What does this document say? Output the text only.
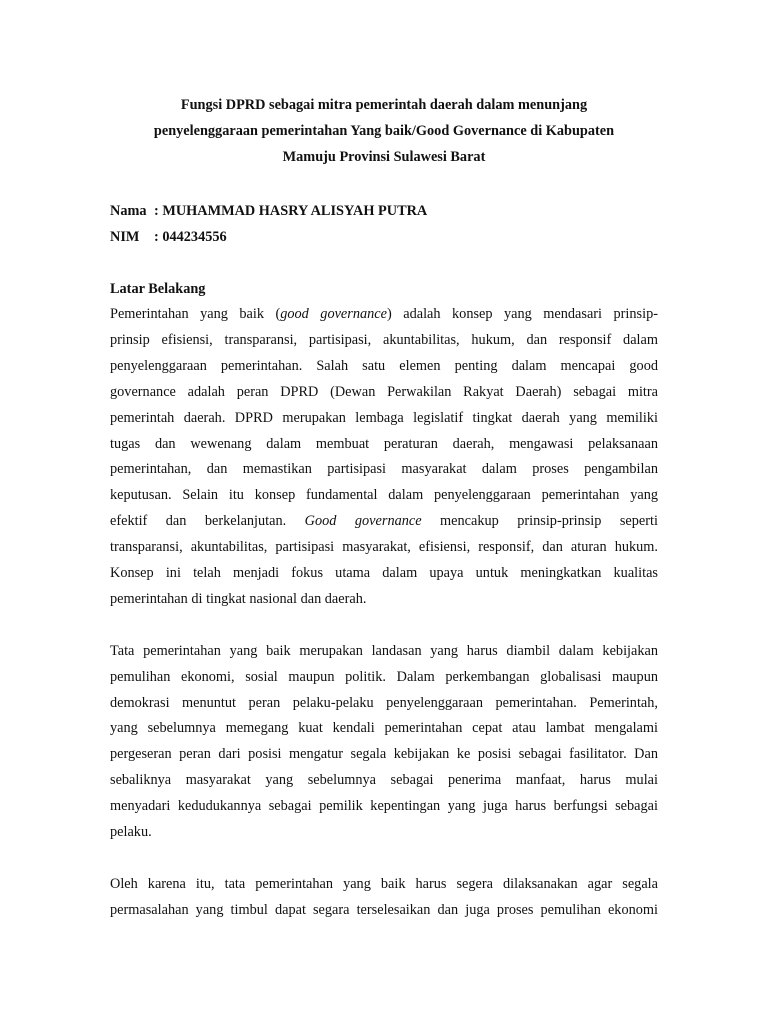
Fungsi DPRD sebagai mitra pemerintah daerah dalam menunjang
penyelenggaraan pemerintahan Yang baik/Good Governance di Kabupaten
Mamuju Provinsi Sulawesi Barat
Nama : MUHAMMAD HASRY ALISYAH PUTRA
NIM	: 044234556
Latar Belakang

Pemerintahan yang baik (good governance) adalah konsep yang mendasari prinsip-
prinsip efisiensi, transparansi, partisipasi, akuntabilitas, hukum, dan responsif dalam
penyelenggaraan pemerintahan. Salah satu elemen penting dalam mencapai good
governance adalah peran DPRD (Dewan Perwakilan Rakyat Daerah) sebagai mitra
pemerintah daerah. DPRD merupakan lembaga legislatif tingkat daerah yang memiliki
tugas dan wewenang dalam membuat peraturan daerah, mengawasi pelaksanaan
pemerintahan, dan memastikan partisipasi masyarakat dalam proses pengambilan
keputusan. Selain itu konsep fundamental dalam penyelenggaraan pemerintahan yang
efektif dan berkelanjutan. Good governance mencakup prinsip-prinsip seperti
transparansi, akuntabilitas, partisipasi masyarakat, efisiensi, responsif, dan aturan hukum.
Konsep ini telah menjadi fokus utama dalam upaya untuk meningkatkan kualitas
pemerintahan di tingkat nasional dan daerah.

Tata pemerintahan yang baik merupakan landasan yang harus diambil dalam kebijakan
pemulihan ekonomi, sosial maupun politik. Dalam perkembangan globalisasi maupun
demokrasi menuntut peran pelaku-pelaku penyelenggaraan pemerintahan. Pemerintah,
yang sebelumnya memegang kuat kendali pemerintahan cepat atau lambat mengalami
pergeseran peran dari posisi mengatur segala kebijakan ke posisi sebagai fasilitator. Dan
sebaliknya masyarakat yang sebelumnya sebagai penerima manfaat, harus mulai
menyadari kedudukannya sebagai pemilik kepentingan yang juga harus berfungsi sebagai
pelaku.

Oleh karena itu, tata pemerintahan yang baik harus segera dilaksanakan agar segala
permasalahan yang timbul dapat segara terselesaikan dan juga proses pemulihan ekonomi
